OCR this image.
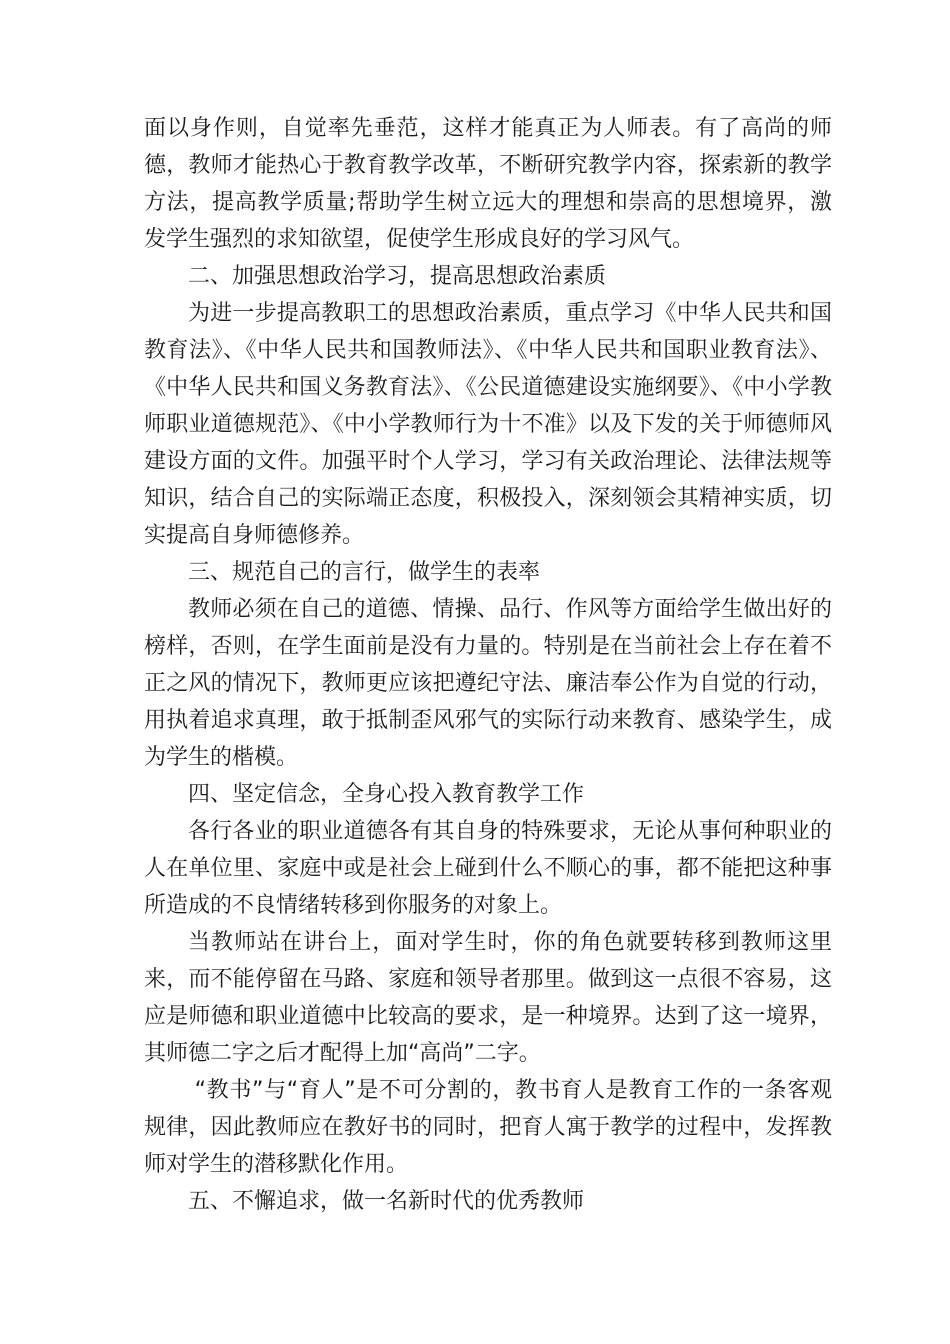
面以身作则，自觉率先垂范，这样才能真正为人师表。有了高尚的师德，教师才能热心于教育教学改革，不断研究教学内容，探索新的教学方法，提高教学质量;帮助学生树立远大的理想和崇高的思想境界，激发学生强烈的求知欲望，促使学生形成良好的学习风气。

二、加强思想政治学习，提高思想政治素质

为进一步提高教职工的思想政治素质，重点学习《中华人民共和国教育法》、《中华人民共和国教师法》、《中华人民共和国职业教育法》、《中华人民共和国义务教育法》、《公民道德建设实施纲要》、《中小学教师职业道德规范》、《中小学教师行为十不准》以及下发的关于师德师风建设方面的文件。加强平时个人学习，学习有关政治理论、法律法规等知识，结合自己的实际端正态度，积极投入，深刻领会其精神实质，切实提高自身师德修养。

三、规范自己的言行，做学生的表率

教师必须在自己的道德、情操、品行、作风等方面给学生做出好的榜样，否则，在学生面前是没有力量的。特别是在当前社会上存在着不正之风的情况下，教师更应该把遵纪守法、廉洁奉公作为自觉的行动，用执着追求真理，敢于抵制歪风邪气的实际行动来教育、感染学生，成为学生的楷模。

四、坚定信念，全身心投入教育教学工作

各行各业的职业道德各有其自身的特殊要求，无论从事何种职业的人在单位里、家庭中或是社会上碰到什么不顺心的事，都不能把这种事所造成的不良情绪转移到你服务的对象上。

当教师站在讲台上，面对学生时，你的角色就要转移到教师这里来，而不能停留在马路、家庭和领导者那里。做到这一点很不容易，这应是师德和职业道德中比较高的要求，是一种境界。达到了这一境界，其师德二字之后才配得上加“高尚”二字。

“教书”与“育人”是不可分割的，教书育人是教育工作的一条客观规律，因此教师应在教好书的同时，把育人寓于教学的过程中，发挥教师对学生的潜移默化作用。

五、不懈追求，做一名新时代的优秀教师
